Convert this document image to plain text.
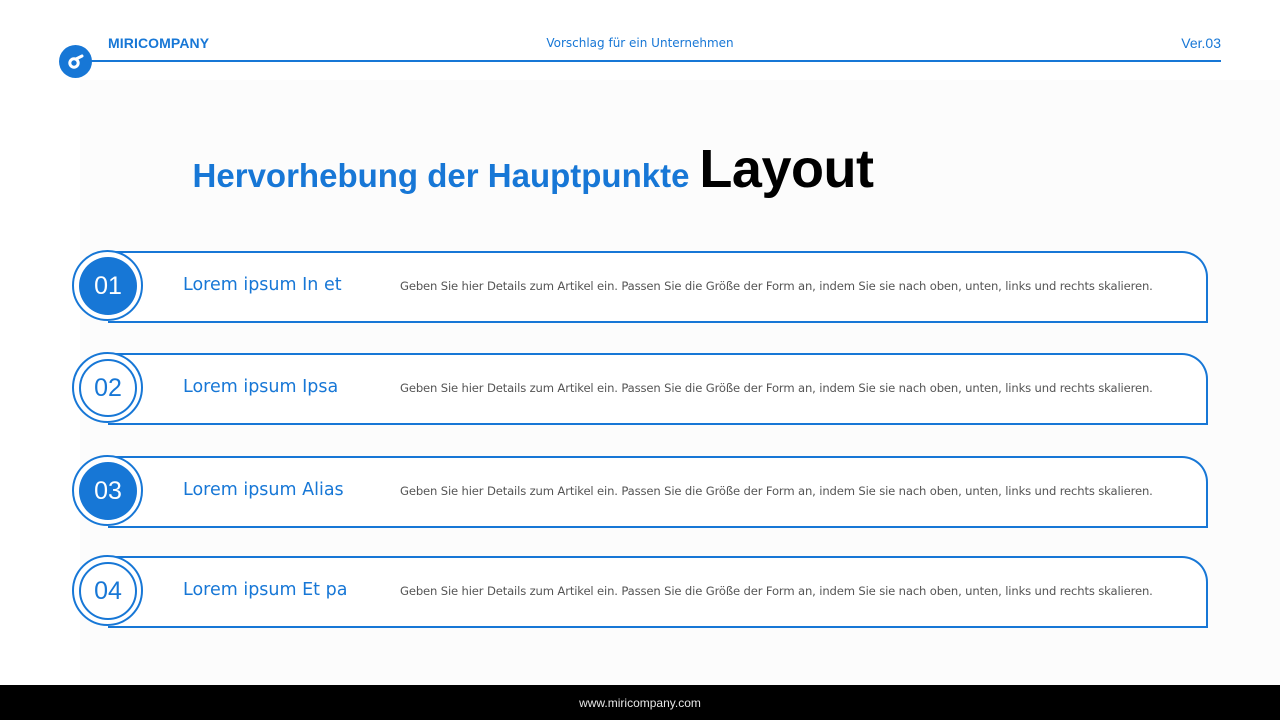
MIRICOMPANY	Vorschlag für ein Unternehmen	Ver.03
Hervorhebung der Hauptpunkte Layout
01	Lorem ipsum In et	Geben Sie hier Details zum Artikel ein. Passen Sie die Größe der Form an, indem Sie sie nach oben, unten, links und rechts skalieren.
02	Lorem ipsum Ipsa	Geben Sie hier Details zum Artikel ein. Passen Sie die Größe der Form an, indem Sie sie nach oben, unten, links und rechts skalieren.
03	Lorem ipsum Alias	Geben Sie hier Details zum Artikel ein. Passen Sie die Größe der Form an, indem Sie sie nach oben, unten, links und rechts skalieren.
04	Lorem ipsum Et pa	Geben Sie hier Details zum Artikel ein. Passen Sie die Größe der Form an, indem Sie sie nach oben, unten, links und rechts skalieren.
www.miricompany.com
